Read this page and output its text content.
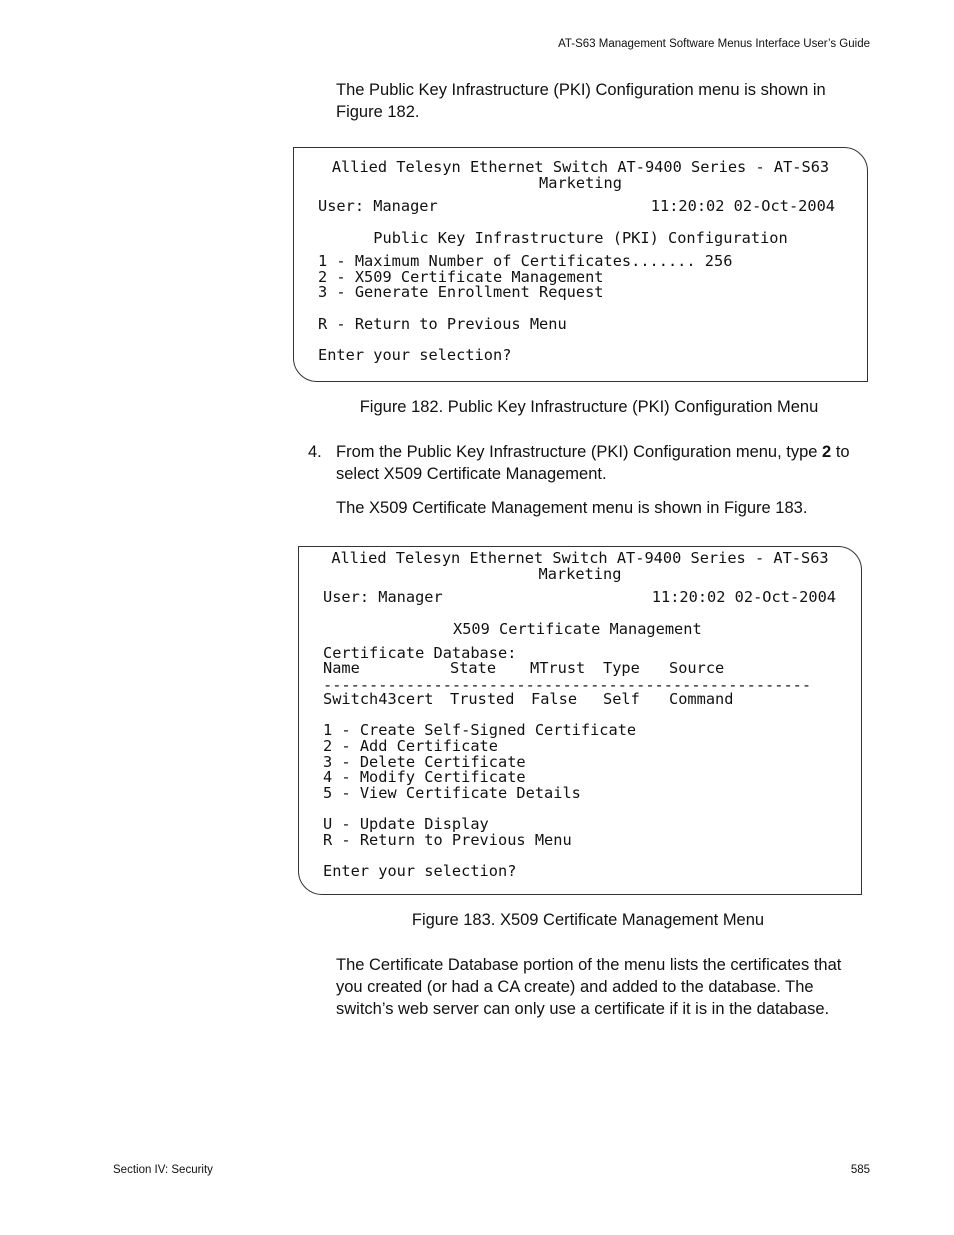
AT-S63 Management Software Menus Interface User’s Guide
The Public Key Infrastructure (PKI) Configuration menu is shown in Figure 182.
Allied Telesyn Ethernet Switch AT-9400 Series - AT-S63
Marketing
User: Manager	11:20:02 02-Oct-2004
Public Key Infrastructure (PKI) Configuration
1 - Maximum Number of Certificates....... 256
2 - X509 Certificate Management
3 - Generate Enrollment Request
R - Return to Previous Menu
Enter your selection?
Figure 182. Public Key Infrastructure (PKI) Configuration Menu
4. From the Public Key Infrastructure (PKI) Configuration menu, type 2 to select X509 Certificate Management.
The X509 Certificate Management menu is shown in Figure 183.
Allied Telesyn Ethernet Switch AT-9400 Series - AT-S63
Marketing
User: Manager	11:20:02 02-Oct-2004
X509 Certificate Management
Certificate Database:
Name	State MTrust Type Source
-----------------------------------------------------
Switch43cert Trusted False Self Command
1 - Create Self-Signed Certificate
2 - Add Certificate
3 - Delete Certificate
4 - Modify Certificate
5 - View Certificate Details
U - Update Display
R - Return to Previous Menu
Enter your selection?
Figure 183. X509 Certificate Management Menu
The Certificate Database portion of the menu lists the certificates that you created (or had a CA create) and added to the database. The switch’s web server can only use a certificate if it is in the database.
Section IV: Security	585
